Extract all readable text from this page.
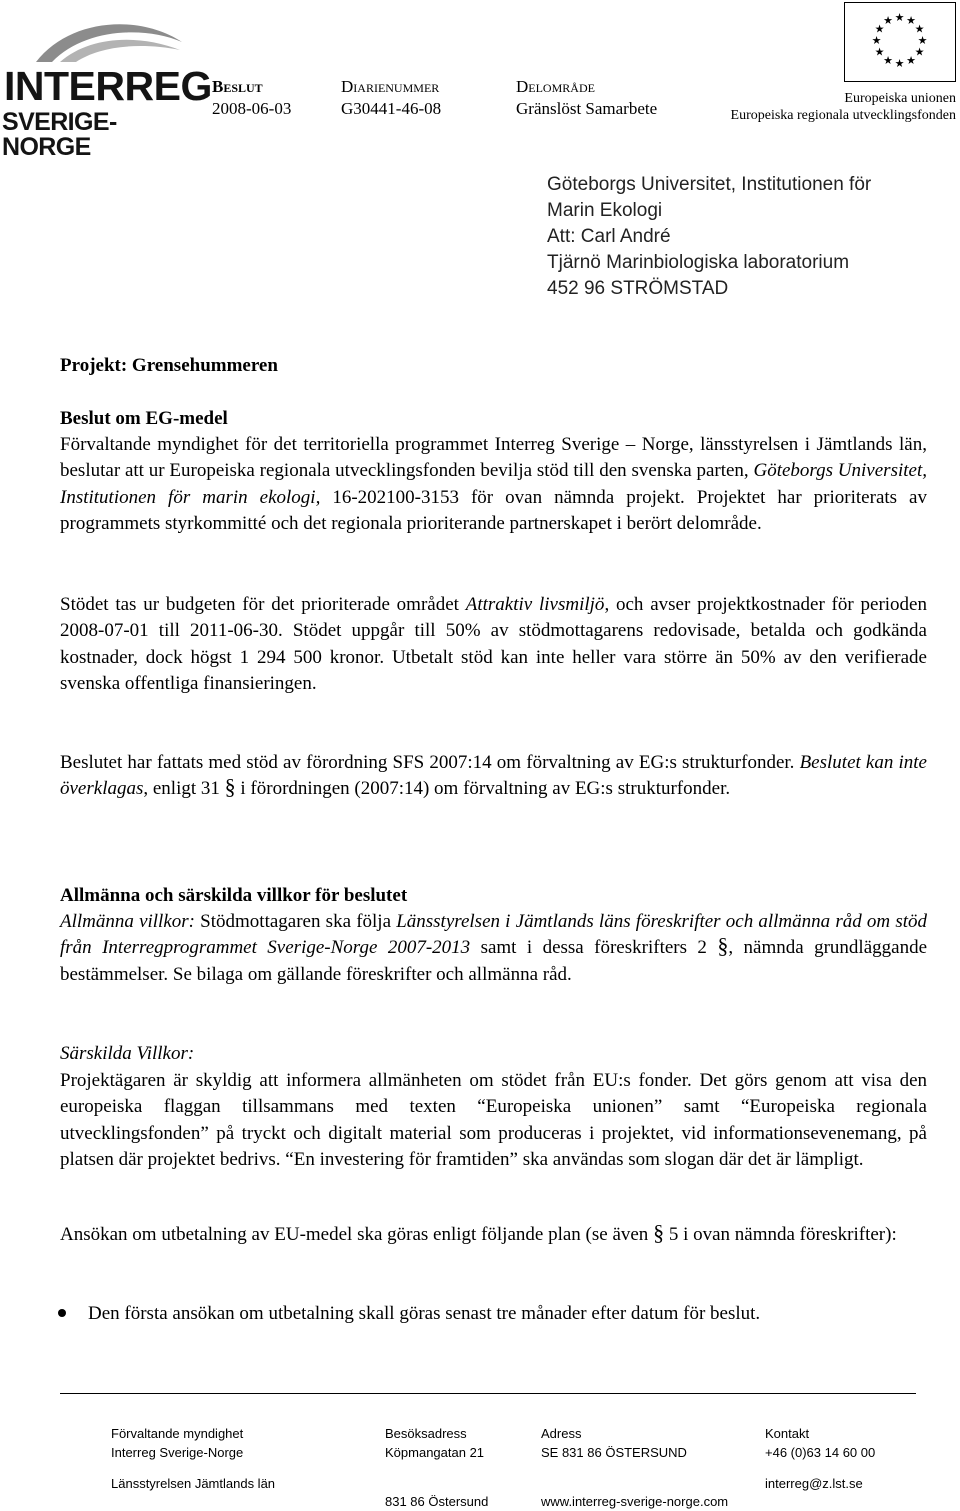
INTERREG
SVERIGE-NORGE
Beslut
2008-06-03
Diarienummer
G30441-46-08
Delområde
Gränslöst Samarbete
★ ★
★
★
★
★
★
★
★
★
★
★
Europeiska unionen
Europeiska regionala utvecklingsfonden
Göteborgs Universitet, Institutionen för
Marin Ekologi
Att: Carl André
Tjärnö Marinbiologiska laboratorium
452 96 STRÖMSTAD
Projekt: Grensehummeren
Beslut om EG-medel
Förvaltande myndighet för det territoriella programmet Interreg Sverige – Norge, länsstyrelsen i Jämtlands län, beslutar att ur Europeiska regionala utvecklingsfonden bevilja stöd till den svenska parten, Göteborgs Universitet, Institutionen för marin ekologi, 16-202100-3153 för ovan nämnda projekt. Projektet har prioriterats av programmets styrkommitté och det regionala prioriterande partnerskapet i berört delområde.
Stödet tas ur budgeten för det prioriterade området Attraktiv livsmiljö, och avser projektkostnader för perioden 2008-07-01 till 2011-06-30. Stödet uppgår till 50% av stödmottagarens redovisade, betalda och godkända kostnader, dock högst 1 294 500 kronor. Utbetalt stöd kan inte heller vara större än 50% av den verifierade svenska offentliga finansieringen.
Beslutet har fattats med stöd av förordning SFS 2007:14 om förvaltning av EG:s strukturfonder. Beslutet kan inte överklagas, enligt 31 § i förordningen (2007:14) om förvaltning av EG:s strukturfonder.
Allmänna och särskilda villkor för beslutet
Allmänna villkor: Stödmottagaren ska följa Länsstyrelsen i Jämtlands läns föreskrifter och allmänna råd om stöd från Interregprogrammet Sverige-Norge 2007-2013 samt i dessa föreskrifters 2 §, nämnda grundläggande bestämmelser. Se bilaga om gällande föreskrifter och allmänna råd.
Särskilda Villkor:
Projektägaren är skyldig att informera allmänheten om stödet från EU:s fonder. Det görs genom att visa den europeiska flaggan tillsammans med texten “Europeiska unionen” samt “Europeiska regionala utvecklingsfonden” på tryckt och digitalt material som produceras i projektet, vid informationsevenemang, på platsen där projektet bedrivs. “En investering för framtiden” ska användas som slogan där det är lämpligt.
Ansökan om utbetalning av EU-medel ska göras enligt följande plan (se även § 5 i ovan nämnda föreskrifter):
Den första ansökan om utbetalning skall göras senast tre månader efter datum för beslut.
Förvaltande myndighet
Interreg Sverige-Norge
Länsstyrelsen Jämtlands län
Besöksadress
Köpmangatan 21
831 86 Östersund
Adress
SE 831 86 ÖSTERSUND
www.interreg-sverige-norge.com
Kontakt
+46 (0)63 14 60 00
interreg@z.lst.se
